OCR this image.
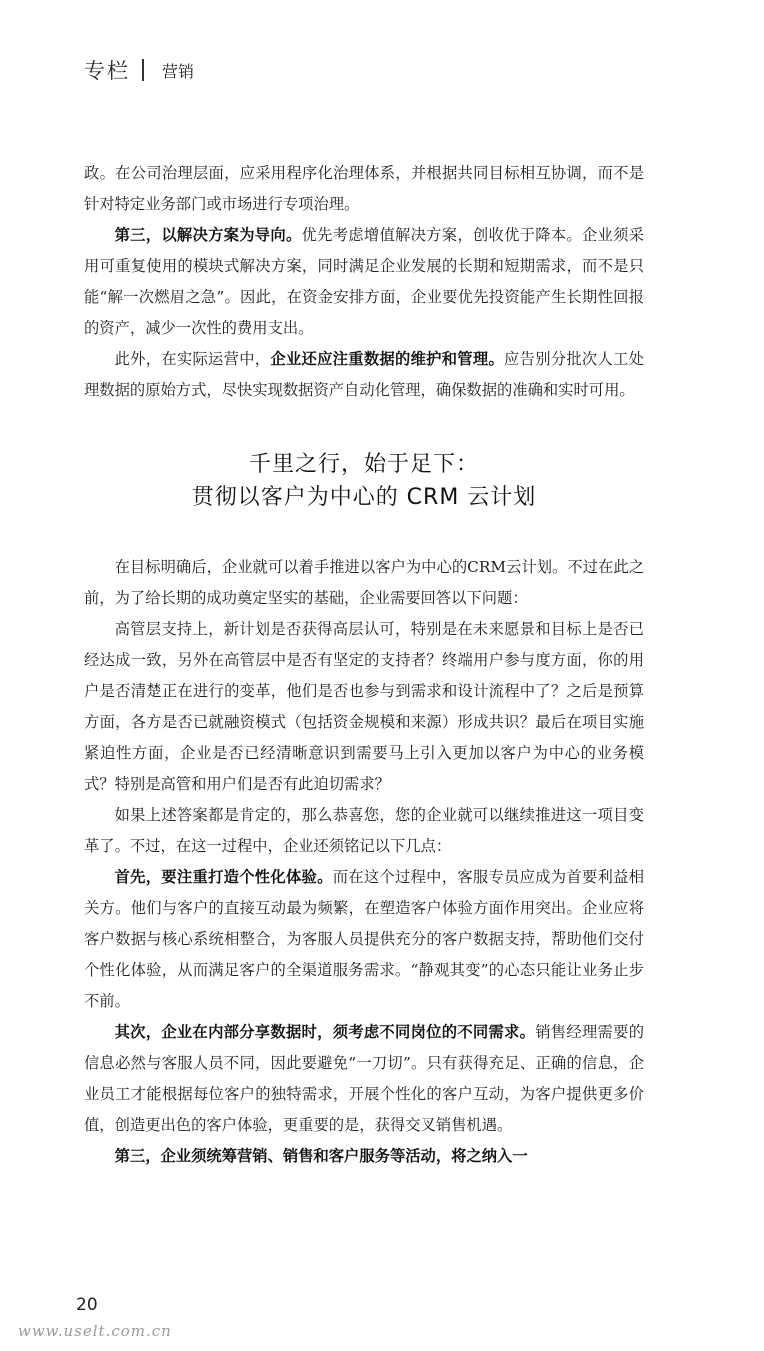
专栏 营销

政。在公司治理层面，应采用程序化治理体系，并根据共同目标相互协调，而不是针对特定业务部门或市场进行专项治理。

第三，以解决方案为导向。优先考虑增值解决方案，创收优于降本。企业须采用可重复使用的模块式解决方案，同时满足企业发展的长期和短期需求，而不是只能“解一次燃眉之急”。因此，在资金安排方面，企业要优先投资能产生长期性回报的资产，减少一次性的费用支出。

此外，在实际运营中，企业还应注重数据的维护和管理。应告别分批次人工处理数据的原始方式，尽快实现数据资产自动化管理，确保数据的准确和实时可用。

千里之行，始于足下：
贯彻以客户为中心的 CRM 云计划

在目标明确后，企业就可以着手推进以客户为中心的CRM云计划。不过在此之前，为了给长期的成功奠定坚实的基础，企业需要回答以下问题：

高管层支持上，新计划是否获得高层认可，特别是在未来愿景和目标上是否已经达成一致，另外在高管层中是否有坚定的支持者？终端用户参与度方面，你的用户是否清楚正在进行的变革，他们是否也参与到需求和设计流程中了？之后是预算方面，各方是否已就融资模式（包括资金规模和来源）形成共识？最后在项目实施紧迫性方面，企业是否已经清晰意识到需要马上引入更加以客户为中心的业务模式？特别是高管和用户们是否有此迫切需求？

如果上述答案都是肯定的，那么恭喜您，您的企业就可以继续推进这一项目变革了。不过，在这一过程中，企业还须铭记以下几点：

首先，要注重打造个性化体验。而在这个过程中，客服专员应成为首要利益相关方。他们与客户的直接互动最为频繁，在塑造客户体验方面作用突出。企业应将客户数据与核心系统相整合，为客服人员提供充分的客户数据支持，帮助他们交付个性化体验，从而满足客户的全渠道服务需求。“静观其变”的心态只能让业务止步不前。

其次，企业在内部分享数据时，须考虑不同岗位的不同需求。销售经理需要的信息必然与客服人员不同，因此要避免“一刀切”。只有获得充足、正确的信息，企业员工才能根据每位客户的独特需求，开展个性化的客户互动，为客户提供更多价值，创造更出色的客户体验，更重要的是，获得交叉销售机遇。

第三，企业须统筹营销、销售和客户服务等活动，将之纳入一

20
www.uselt.com.cn
